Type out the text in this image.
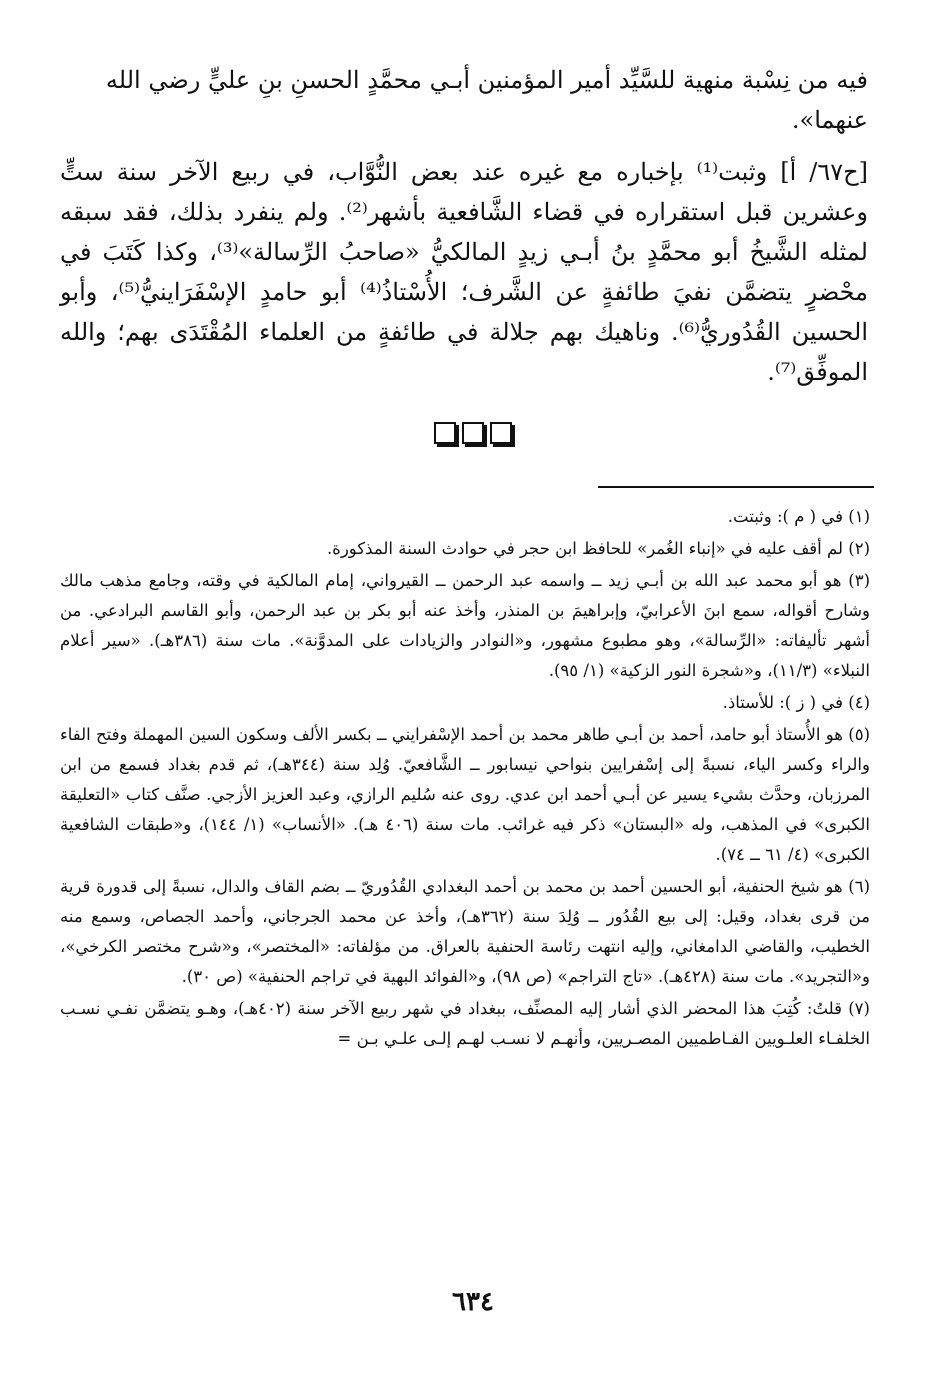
فيه من نِسْبة منهية للسَّيِّد أمير المؤمنين أبـي محمَّدٍ الحسنِ بنِ عليٍّ رضي الله عنهما».

[ح٦٧/ أ] وثبت⁽¹⁾ بإخباره مع غيره عند بعض النُّوَّاب، في ربيع الآخر سنة ستٍّ وعشرين قبل استقراره في قضاء الشَّافعية بأشهر⁽²⁾. ولم ينفرد بذلك، فقد سبقه لمثله الشَّيخُ أبو محمَّدٍ بنُ أبـي زيدٍ المالكيُّ «صاحبُ الرِّسالة»⁽³⁾، وكذا كَتَبَ في محْضرٍ يتضمَّن نفيَ طائفةٍ عن الشَّرف؛ الأُسْتاذُ⁽⁴⁾ أبو حامدٍ الإسْفَرَاينيُّ⁽⁵⁾، وأبو الحسين القُدُوريُّ⁽⁶⁾. وناهيك بهم جلالة في طائفةٍ من العلماء المُقْتَدَى بهم؛ والله الموفِّق⁽⁷⁾.

(١) في ( م ): وثبتت.

(٢) لم أقف عليه في «إنباء الغُمر» للحافظ ابن حجر في حوادث السنة المذكورة.

(٣) هو أبو محمد عبد الله بن أبـي زيد ــ واسمه عبد الرحمن ــ القيرواني، إمام المالكية في وقته، وجامع مذهب مالك وشارح أقواله، سمع ابنَ الأعرابيّ، وإبراهيمَ بن المنذر، وأخذ عنه أبو بكر بن عبد الرحمن، وأبو القاسم البرادعي. من أشهر تأليفاته: «الرِّسالة»، وهو مطبوع مشهور، و«النوادر والزيادات على المدوَّنة». مات سنة (٣٨٦هـ). «سير أعلام النبلاء» (١١/٣)، و«شجرة النور الزكية» (١/ ٩٥).

(٤) في ( ز ): للأستاذ.

(٥) هو الأُستاذ أبو حامد، أحمد بن أبـي طاهر محمد بن أحمد الإسْفرايني ــ بكسر الألف وسكون السين المهملة وفتح الفاء والراء وكسر الياء، نسبةً إلى إسْفرايين بنواحي نيسابور ــ الشَّافعيّ. وُلِد سنة (٣٤٤هـ)، ثم قدم بغداد فسمع من ابن المرزبان، وحدَّث بشيء يسير عن أبـي أحمد ابن عدي. روى عنه سُليم الرازي، وعبد العزيز الأزجي. صنَّف كتاب «التعليقة الكبرى» في المذهب، وله «البستان» ذكر فيه غرائب. مات سنة (٤٠٦ هـ). «الأنساب» (١/ ١٤٤)، و«طبقات الشافعية الكبرى» (٤/ ٦١ ــ ٧٤).

(٦) هو شيخ الحنفية، أبو الحسين أحمد بن محمد بن أحمد البغدادي القُدُوريّ ــ بضم القاف والدال، نسبةً إلى قدورة قرية من قرى بغداد، وقيل: إلى بيع القُدُور ــ وُلِدَ سنة (٣٦٢هـ)، وأخذ عن محمد الجرجاني، وأحمد الجصاص، وسمع منه الخطيب، والقاضي الدامغاني، وإليه انتهت رئاسة الحنفية بالعراق. من مؤلفاته: «المختصر»، و«شرح مختصر الكرخي»، و«التجريد». مات سنة (٤٢٨هـ). «تاج التراجم» (ص ٩٨)، و«الفوائد البهية في تراجم الحنفية» (ص ٣٠).

(٧) قلتُ: كُتِبَ هذا المحضر الذي أشار إليه المصنِّف، ببغداد في شهر ربيع الآخر سنة (٤٠٢هـ)، وهـو يتضمَّن نفـي نسـب الخلفـاء العلـويين الفـاطميين المصـريين، وأنهـم لا نسـب لهـم إلـى علـي بـن =

٦٣٤
